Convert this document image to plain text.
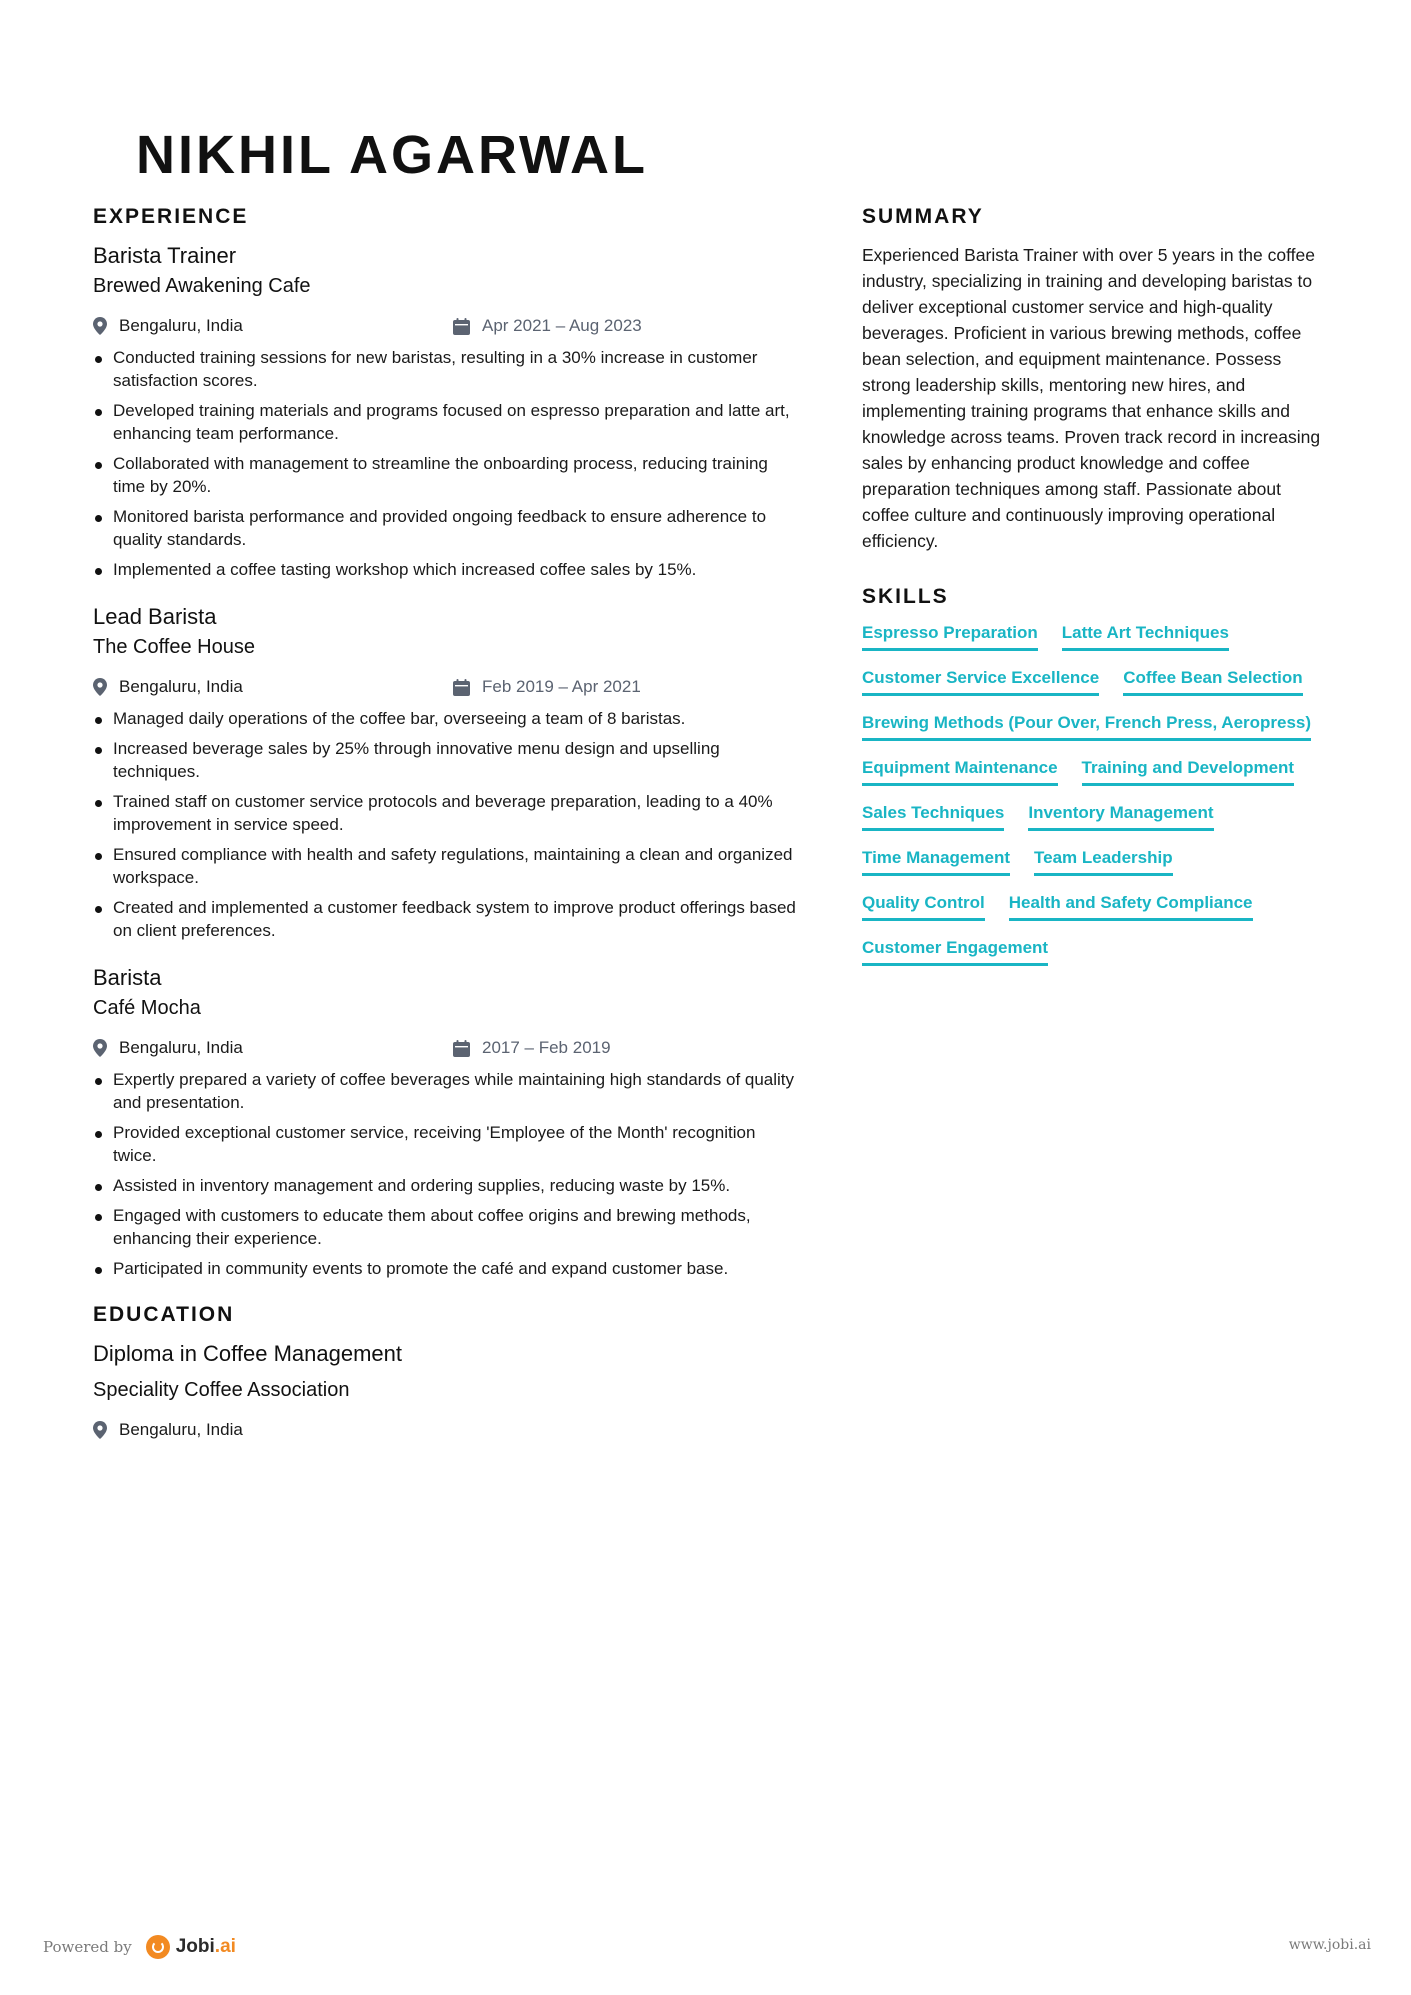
NIKHIL AGARWAL
EXPERIENCE
Barista Trainer
Brewed Awakening Cafe
Bengaluru, India	Apr 2021 – Aug 2023
Conducted training sessions for new baristas, resulting in a 30% increase in customer satisfaction scores.
Developed training materials and programs focused on espresso preparation and latte art, enhancing team performance.
Collaborated with management to streamline the onboarding process, reducing training time by 20%.
Monitored barista performance and provided ongoing feedback to ensure adherence to quality standards.
Implemented a coffee tasting workshop which increased coffee sales by 15%.
Lead Barista
The Coffee House
Bengaluru, India	Feb 2019 – Apr 2021
Managed daily operations of the coffee bar, overseeing a team of 8 baristas.
Increased beverage sales by 25% through innovative menu design and upselling techniques.
Trained staff on customer service protocols and beverage preparation, leading to a 40% improvement in service speed.
Ensured compliance with health and safety regulations, maintaining a clean and organized workspace.
Created and implemented a customer feedback system to improve product offerings based on client preferences.
Barista
Café Mocha
Bengaluru, India	2017 – Feb 2019
Expertly prepared a variety of coffee beverages while maintaining high standards of quality and presentation.
Provided exceptional customer service, receiving 'Employee of the Month' recognition twice.
Assisted in inventory management and ordering supplies, reducing waste by 15%.
Engaged with customers to educate them about coffee origins and brewing methods, enhancing their experience.
Participated in community events to promote the café and expand customer base.
EDUCATION
Diploma in Coffee Management
Speciality Coffee Association
Bengaluru, India
SUMMARY

Experienced Barista Trainer with over 5 years in the coffee industry, specializing in training and developing baristas to deliver exceptional customer service and high-quality beverages. Proficient in various brewing methods, coffee bean selection, and equipment maintenance. Possess strong leadership skills, mentoring new hires, and implementing training programs that enhance skills and knowledge across teams. Proven track record in increasing sales by enhancing product knowledge and coffee preparation techniques among staff. Passionate about coffee culture and continuously improving operational efficiency.

SKILLS
Espresso Preparation Latte Art Techniques
Customer Service Excellence Coffee Bean Selection
Brewing Methods (Pour Over, French Press, Aeropress)
Equipment Maintenance Training and Development
Sales Techniques Inventory Management
Time Management Team Leadership
Quality Control Health and Safety Compliance
Customer Engagement
Powered by Jobi.ai	www.jobi.ai
